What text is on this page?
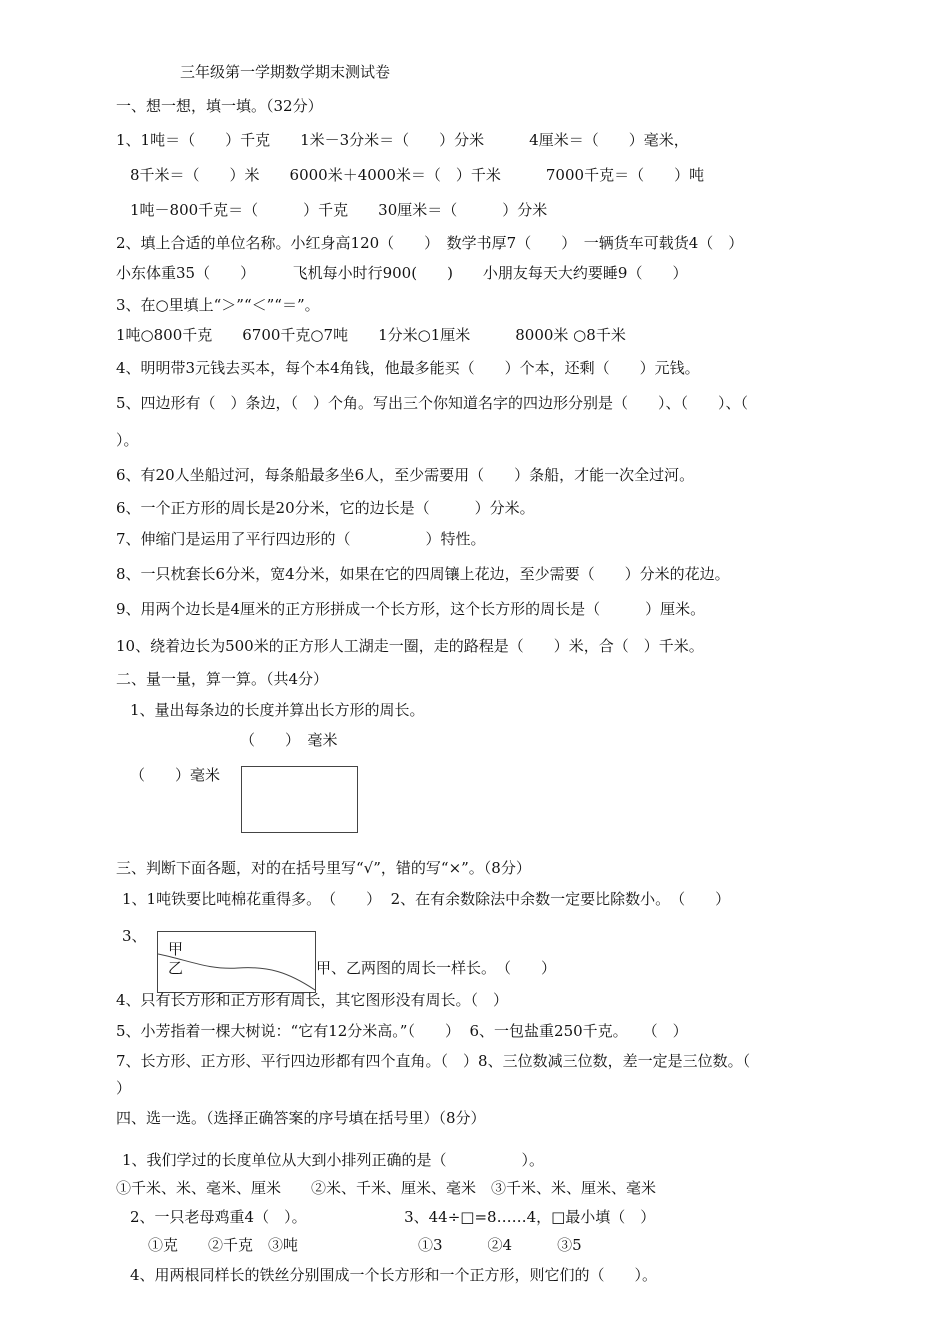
三年级第一学期数学期末测试卷
一、想一想，填一填。（32分）
1、1吨＝（　　）千克　　1米－3分米＝（　　）分米　　　4厘米＝（　　）毫米，
8千米＝（　　）米　　6000米＋4000米＝（　）千米　　　7000千克＝（　　）吨
1吨－800千克＝（　　　）千克　　30厘米＝（　　　）分米
2、填上合适的单位名称。小红身高120（　　）　数学书厚7（　　）　一辆货车可载货4（　）
小东体重35（　　）　　　飞机每小时行900(　　)　　小朋友每天大约要睡9（　　）
3、在○里填上“＞”“＜”“＝”。
1吨○800千克　　6700千克○7吨　　1分米○1厘米　　　8000米 ○8千米
4、明明带3元钱去买本，每个本4角钱，他最多能买（　　）个本，还剩（　　）元钱。
5、四边形有（　）条边，（　）个角。写出三个你知道名字的四边形分别是（　　）、（　　）、（
）。
6、有20人坐船过河，每条船最多坐6人，至少需要用（　　）条船，才能一次全过河。
6、一个正方形的周长是20分米，它的边长是（　　　）分米。
7、伸缩门是运用了平行四边形的（　　　　　）特性。
8、一只枕套长6分米，宽4分米，如果在它的四周镶上花边，至少需要（　　）分米的花边。
9、用两个边长是4厘米的正方形拼成一个长方形，这个长方形的周长是（　　　）厘米。
10、绕着边长为500米的正方形人工湖走一圈，走的路程是（　　）米，合（　）千米。
二、量一量，算一算。（共4分）
1、量出每条边的长度并算出长方形的周长。
（　　）　毫米
（　　）毫米
三、判断下面各题，对的在括号里写“√”，错的写“×”。（8分）
1、1吨铁要比吨棉花重得多。　（　　）  2、在有余数除法中余数一定要比除数小。　（　　）
3、
甲
乙	甲、乙两图的周长一样长。　（　　）
4、只有长方形和正方形有周长，其它图形没有周长。（　）
5、小芳指着一棵大树说：“它有12分米高。”（　　）  6、一包盐重250千克。　　（　）
7、长方形、正方形、平行四边形都有四个直角。（　）8、三位数减三位数，差一定是三位数。（
）
四、选一选。（选择正确答案的序号填在括号里）（8分）
1、我们学过的长度单位从大到小排列正确的是（　　　　　）。
①千米、米、毫米、厘米　　②米、千米、厘米、毫米　③千米、米、厘米、毫米
2、一只老母鸡重4（　）。　　　　　　　3、44÷□=8……4，□最小填（　）
①克　　②千克　③吨　　　　　　　　①3　　　②4　　　③5
4、用两根同样长的铁丝分别围成一个长方形和一个正方形，则它们的（　　）。
